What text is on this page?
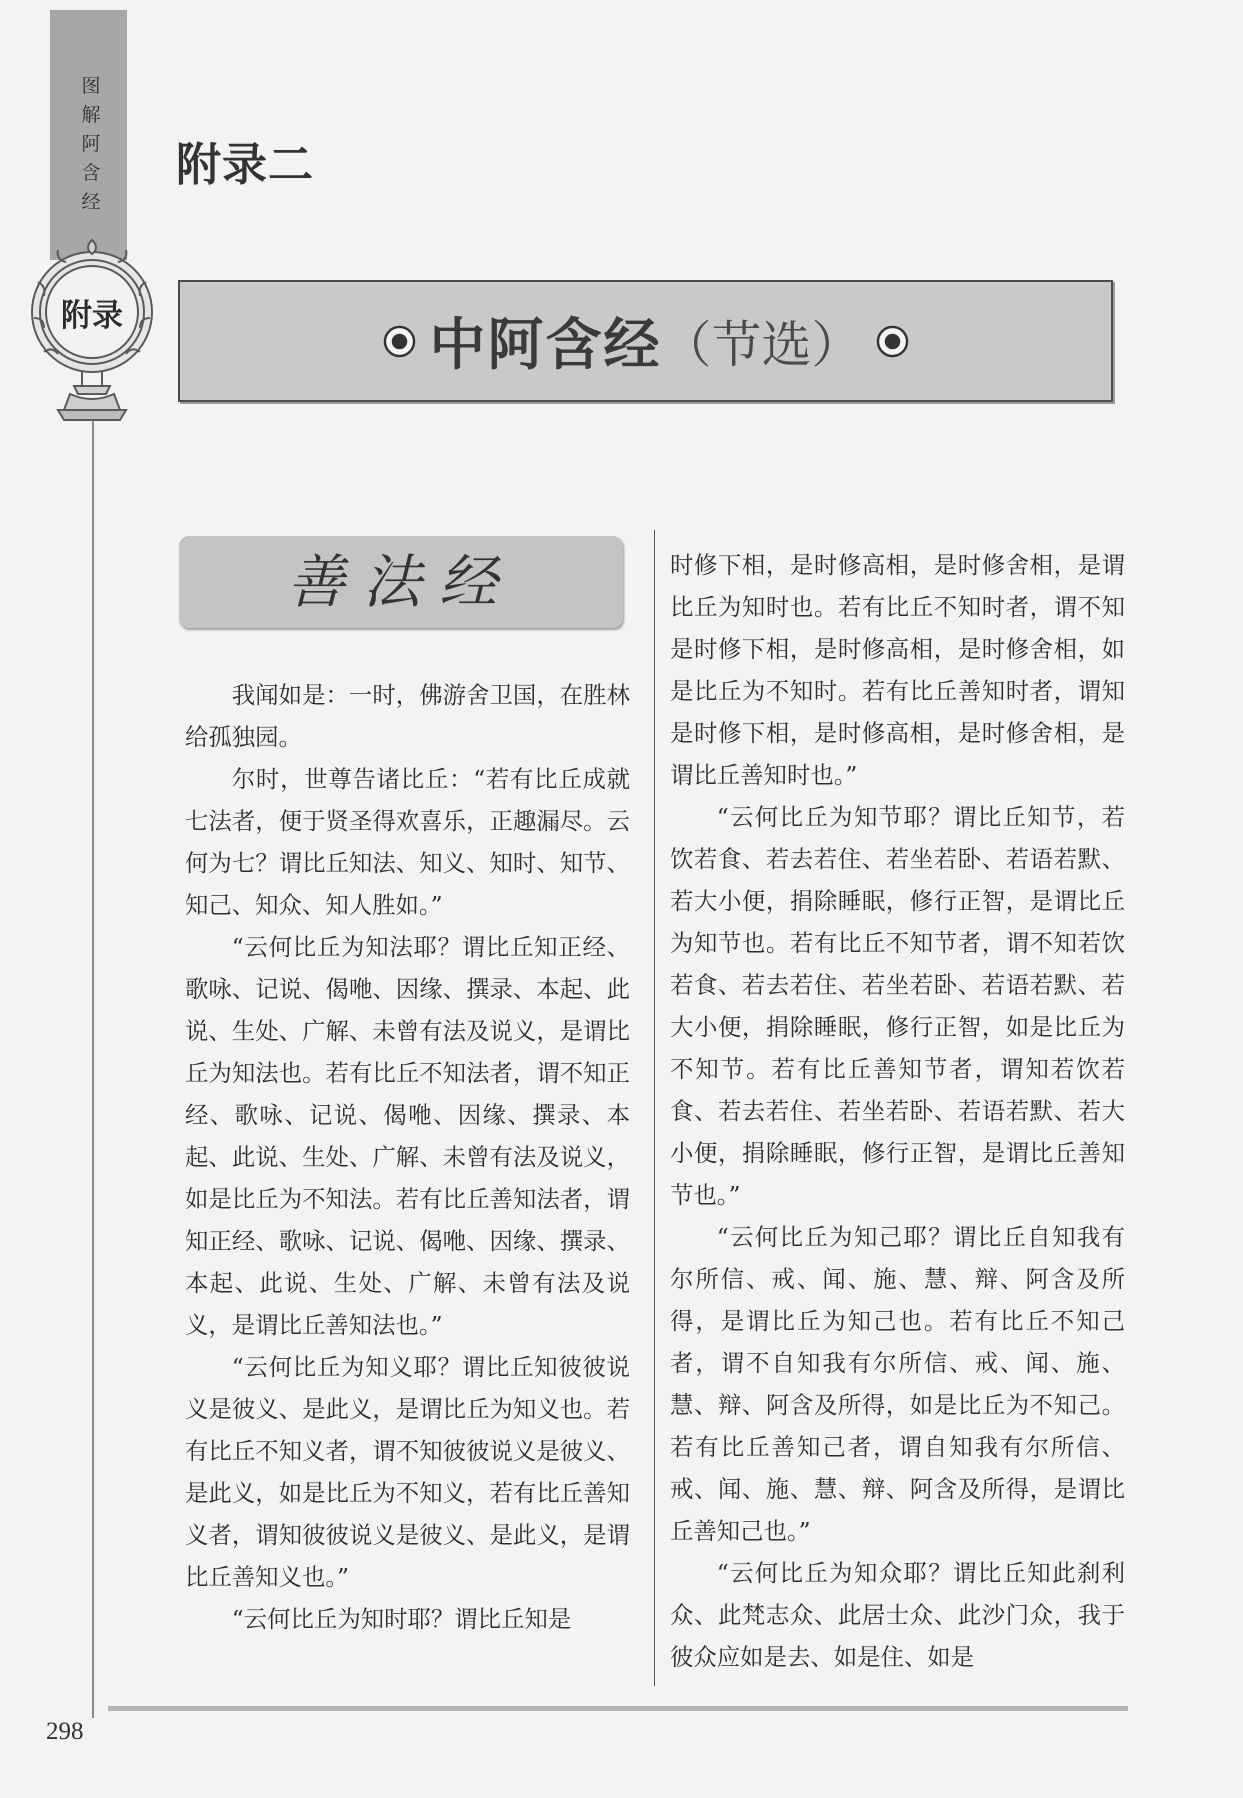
图解阿含经
附录
附录二
中阿含经 （节选）
善法经

我闻如是：一时，佛游舍卫国，在胜林给孤独园。

尔时，世尊告诸比丘：“若有比丘成就七法者，便于贤圣得欢喜乐，正趣漏尽。云何为七？谓比丘知法、知义、知时、知节、知己、知众、知人胜如。”

“云何比丘为知法耶？谓比丘知正经、歌咏、记说、偈咃、因缘、撰录、本起、此说、生处、广解、未曾有法及说义，是谓比丘为知法也。若有比丘不知法者，谓不知正经、歌咏、记说、偈咃、因缘、撰录、本起、此说、生处、广解、未曾有法及说义，如是比丘为不知法。若有比丘善知法者，谓知正经、歌咏、记说、偈咃、因缘、撰录、本起、此说、生处、广解、未曾有法及说义，是谓比丘善知法也。”

“云何比丘为知义耶？谓比丘知彼彼说义是彼义、是此义，是谓比丘为知义也。若有比丘不知义者，谓不知彼彼说义是彼义、是此义，如是比丘为不知义，若有比丘善知义者，谓知彼彼说义是彼义、是此义，是谓比丘善知义也。”

“云何比丘为知时耶？谓比丘知是

时修下相，是时修高相，是时修舍相，是谓比丘为知时也。若有比丘不知时者，谓不知是时修下相，是时修高相，是时修舍相，如是比丘为不知时。若有比丘善知时者，谓知是时修下相，是时修高相，是时修舍相，是谓比丘善知时也。”

“云何比丘为知节耶？谓比丘知节，若饮若食、若去若住、若坐若卧、若语若默、若大小便，捐除睡眠，修行正智，是谓比丘为知节也。若有比丘不知节者，谓不知若饮若食、若去若住、若坐若卧、若语若默、若大小便，捐除睡眠，修行正智，如是比丘为不知节。若有比丘善知节者，谓知若饮若食、若去若住、若坐若卧、若语若默、若大小便，捐除睡眠，修行正智，是谓比丘善知节也。”

“云何比丘为知己耶？谓比丘自知我有尔所信、戒、闻、施、慧、辩、阿含及所得，是谓比丘为知己也。若有比丘不知己者，谓不自知我有尔所信、戒、闻、施、慧、辩、阿含及所得，如是比丘为不知己。若有比丘善知己者，谓自知我有尔所信、戒、闻、施、慧、辩、阿含及所得，是谓比丘善知己也。”

“云何比丘为知众耶？谓比丘知此刹利众、此梵志众、此居士众、此沙门众，我于彼众应如是去、如是住、如是

298
